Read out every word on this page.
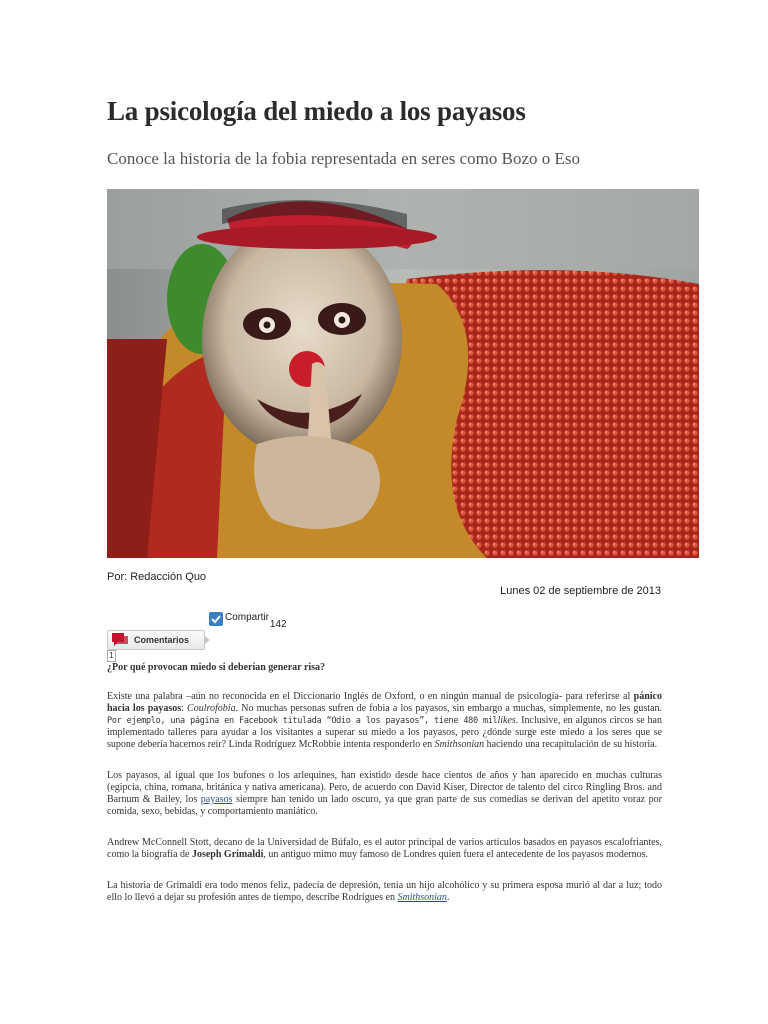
La psicología del miedo a los payasos
Conoce la historia de la fobia representada en seres como Bozo o Eso
Por: Redacción Quo
Lunes 02 de septiembre de 2013
Compartir
142
Comentarios
1
¿Por qué provocan miedo si deberían generar risa?

Existe una palabra –aún no reconocida en el Diccionario Inglés de Oxford, o en ningún manual de psicología- para referirse al pánico hacia los payasos: Coulrofobia. No muchas personas sufren de fobia a los payasos, sin embargo a muchas, simplemente, no les gustan. Por ejemplo, una página en Facebook titulada “Odio a los payasos”, tiene 480 millikes. Inclusive, en algunos circos se han implementado talleres para ayudar a los visitantes a superar su miedo a los payasos, pero ¿dónde surge este miedo a los seres que se supone debería hacernos reír? Linda Rodríguez McRobbie intenta responderlo en Smithsonian haciendo una recapitulación de su historia.

Los payasos, al igual que los bufones o los arlequines, han existido desde hace cientos de años y han aparecido en muchas culturas (egipcia, china, romana, británica y nativa americana). Pero, de acuerdo con David Kiser, Director de talento del circo Ringling Bros. and Barnum & Bailey, los payasos siempre han tenido un lado oscuro, ya que gran parte de sus comedias se derivan del apetito voraz por comida, sexo, bebidas, y comportamiento maniático.

Andrew McConnell Stott, decano de la Universidad de Búfalo, es el autor principal de varios artículos basados en payasos escalofriantes, como la biografía de Joseph Grimaldi, un antiguo mimo muy famoso de Londres quien fuera el antecedente de los payasos modernos.

La historia de Grimaldi era todo menos feliz, padecía de depresión, tenía un hijo alcohólico y su primera esposa murió al dar a luz; todo ello lo llevó a dejar su profesión antes de tiempo, describe Rodrígues en Smithsonian.
